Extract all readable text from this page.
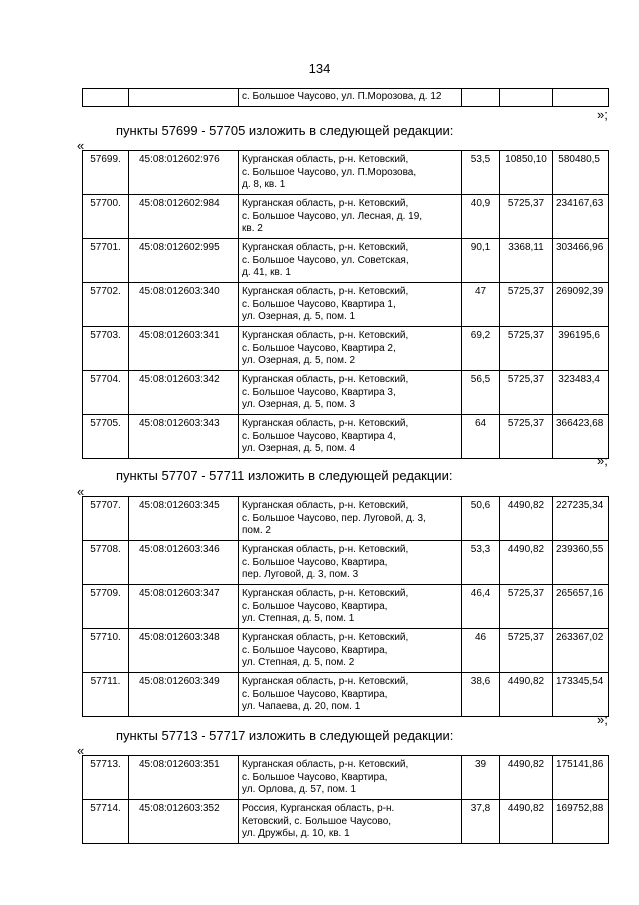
134
		с. Большое Чаусово, ул. П.Морозова, д. 12			
»;
пункты 57699 - 57705 изложить в следующей редакции:
«
57699.	45:08:012602:976	Курганская область, р-н. Кетовский,
с. Большое Чаусово, ул. П.Морозова,
д. 8, кв. 1	53,5	10850,10	580480,5
57700.	45:08:012602:984	Курганская область, р-н. Кетовский,
с. Большое Чаусово, ул. Лесная, д. 19,
кв. 2	40,9	5725,37	234167,63
57701.	45:08:012602:995	Курганская область, р-н. Кетовский,
с. Большое Чаусово, ул. Советская,
д. 41, кв. 1	90,1	3368,11	303466,96
57702.	45:08:012603:340	Курганская область, р-н. Кетовский,
с. Большое Чаусово, Квартира 1,
ул. Озерная, д. 5, пом. 1	47	5725,37	269092,39
57703.	45:08:012603:341	Курганская область, р-н. Кетовский,
с. Большое Чаусово, Квартира 2,
ул. Озерная, д. 5, пом. 2	69,2	5725,37	396195,6
57704.	45:08:012603:342	Курганская область, р-н. Кетовский,
с. Большое Чаусово, Квартира 3,
ул. Озерная, д. 5, пом. 3	56,5	5725,37	323483,4
57705.	45:08:012603:343	Курганская область, р-н. Кетовский,
с. Большое Чаусово, Квартира 4,
ул. Озерная, д. 5, пом. 4	64	5725,37	366423,68
»;
пункты 57707 - 57711 изложить в следующей редакции:
«
57707.	45:08:012603:345	Курганская область, р-н. Кетовский,
с. Большое Чаусово, пер. Луговой, д. 3,
пом. 2	50,6	4490,82	227235,34
57708.	45:08:012603:346	Курганская область, р-н. Кетовский,
с. Большое Чаусово, Квартира,
пер. Луговой, д. 3, пом. 3	53,3	4490,82	239360,55
57709.	45:08:012603:347	Курганская область, р-н. Кетовский,
с. Большое Чаусово, Квартира,
ул. Степная, д. 5, пом. 1	46,4	5725,37	265657,16
57710.	45:08:012603:348	Курганская область, р-н. Кетовский,
с. Большое Чаусово, Квартира,
ул. Степная, д. 5, пом. 2	46	5725,37	263367,02
57711.	45:08:012603:349	Курганская область, р-н. Кетовский,
с. Большое Чаусово, Квартира,
ул. Чапаева, д. 20, пом. 1	38,6	4490,82	173345,54
»;
пункты 57713 - 57717 изложить в следующей редакции:
«
57713.	45:08:012603:351	Курганская область, р-н. Кетовский,
с. Большое Чаусово, Квартира,
ул. Орлова, д. 57, пом. 1	39	4490,82	175141,86
57714.	45:08:012603:352	Россия, Курганская область, р-н.
Кетовский, с. Большое Чаусово,
ул. Дружбы, д. 10, кв. 1	37,8	4490,82	169752,88
